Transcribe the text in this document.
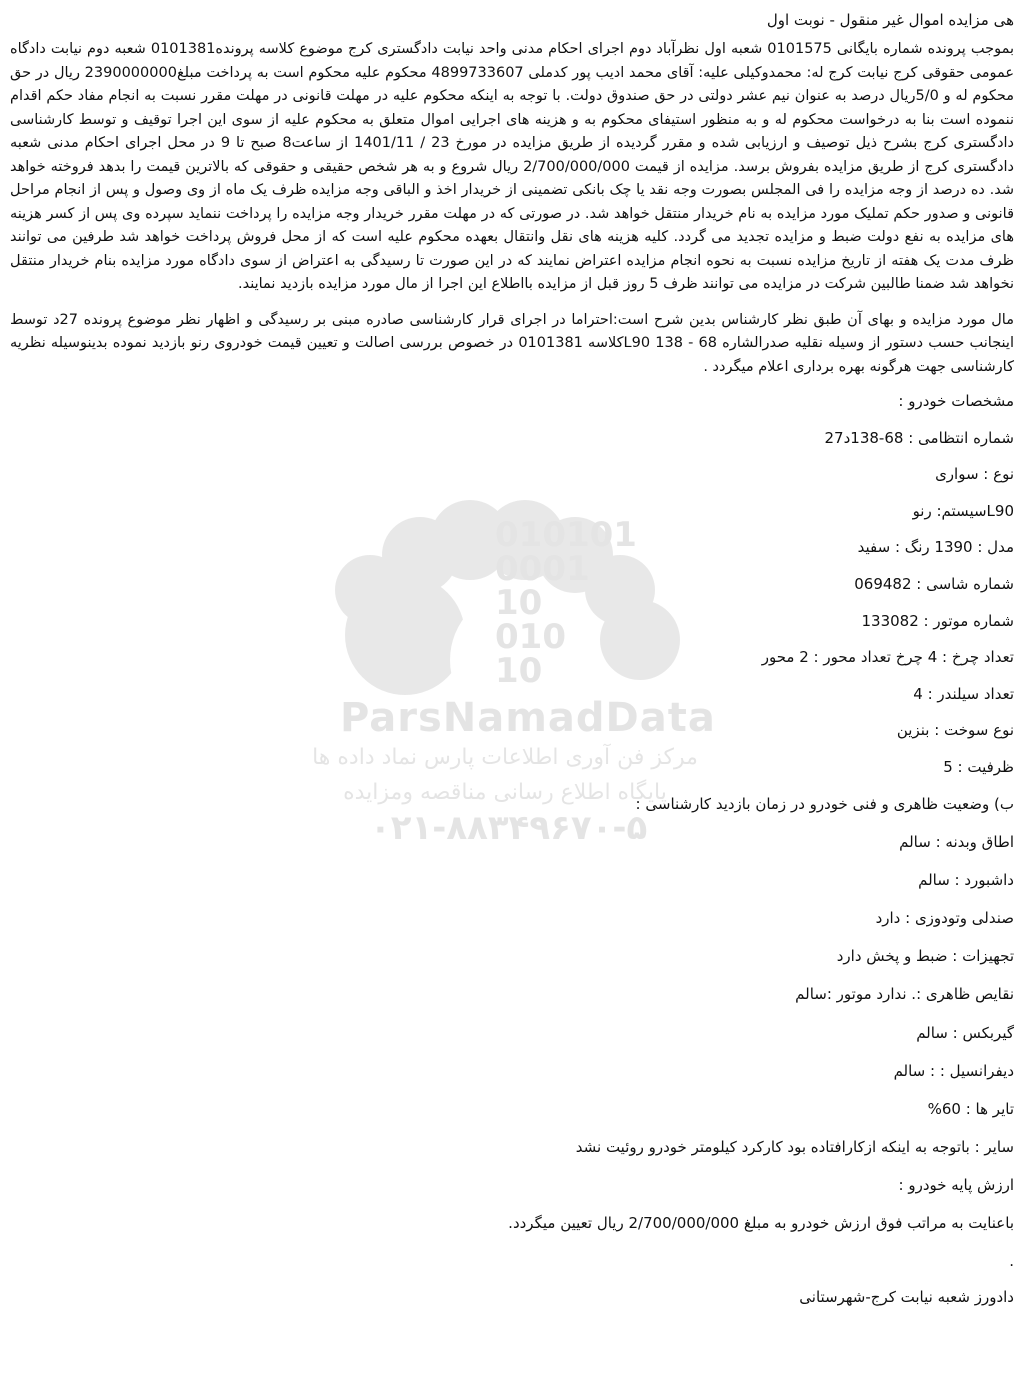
010101
0001
10
010
10
ParsNamadData
مرکز فن آوری اطلاعات پارس نماد داده ها
پایگاه اطلاع رسانی مناقصه ومزایده
۰۲۱-۸۸۳۴۹۶۷۰-۵
هی مزایده اموال غیر منقول - نوبت اول

بموجب پرونده شماره بایگانی 0101575 شعبه اول نظرآباد دوم اجرای احکام مدنی واحد نیابت دادگستری کرج موضوع کلاسه پرونده0101381 شعبه دوم نیابت دادگاه عمومی حقوقی کرج نیابت کرج له: محمدوکیلی علیه: آقای محمد ادیب پور کدملی 4899733607 محکوم علیه محکوم است به پرداخت مبلغ2390000000 ریال در حق محکوم له و 5/0ریال درصد به عنوان نیم عشر دولتی در حق صندوق دولت. با توجه به اینکه محکوم علیه در مهلت قانونی در مهلت مقرر نسبت به انجام مفاد حکم اقدام ننموده است بنا به درخواست محکوم له و به منظور استیفای محکوم به و هزینه های اجرایی اموال متعلق به محکوم علیه از سوی این اجرا توقیف و توسط کارشناسی دادگستری کرج بشرح ذیل توصیف و ارزیابی شده و مقرر گردیده از طریق مزایده در مورخ 23 / 1401/11 از ساعت8 صبح تا 9 در محل اجرای احکام مدنی شعبه دادگستری کرج از طریق مزایده بفروش برسد. مزایده از قیمت 2/700/000/000 ریال شروع و به هر شخص حقیقی و حقوقی که بالاترین قیمت را بدهد فروخته خواهد شد. ده درصد از وجه مزایده را فی المجلس بصورت وجه نقد یا چک بانکی تضمینی از خریدار اخذ و الباقی وجه مزایده ظرف یک ماه از وی وصول و پس از انجام مراحل قانونی و صدور حکم تملیک مورد مزایده به نام خریدار منتقل خواهد شد. در صورتی که در مهلت مقرر خریدار وجه مزایده را پرداخت ننماید سپرده وی پس از کسر هزینه های مزایده به نفع دولت ضبط و مزایده تجدید می گردد. کلیه هزینه های نقل وانتقال بعهده محکوم علیه است که از محل فروش پرداخت خواهد شد طرفین می توانند ظرف مدت یک هفته از تاریخ مزایده نسبت به نحوه انجام مزایده اعتراض نمایند که در این صورت تا رسیدگی به اعتراض از سوی دادگاه مورد مزایده بنام خریدار منتقل نخواهد شد ضمنا طالبین شرکت در مزایده می توانند ظرف 5 روز قبل از مزایده بااطلاع این اجرا از مال مورد مزایده بازدید نمایند.

مال مورد مزایده و بهای آن طبق نظر کارشناس بدین شرح است:احتراما در اجرای قرار کارشناسی صادره مبنی بر رسیدگی و اظهار نظر موضوع پرونده 27د توسط اینجانب حسب دستور از وسیله نقلیه صدرالشاره 68 - 138 L90کلاسه 0101381 در خصوص بررسی اصالت و تعیین قیمت خودروی رنو بازدید نموده بدینوسیله نظریه کارشناسی جهت هرگونه بهره برداری اعلام میگردد .

مشخصات خودرو :
شماره انتظامی : 68-138د27
نوع : سواری
L90سیستم: رنو
مدل : 1390 رنگ : سفید
شماره شاسی : 069482
شماره موتور : 133082
تعداد چرخ : 4 چرخ تعداد محور : 2 محور
تعداد سیلندر : 4
نوع سوخت : بنزین
ظرفیت : 5
ب) وضعیت ظاهری و فنی خودرو در زمان بازدید کارشناسی :
اطاق وبدنه : سالم
داشبورد : سالم
صندلی وتودوزی : دارد
تجهیزات : ضبط و پخش دارد
نقایص ظاهری :. ندارد موتور :سالم
گیربکس : سالم
دیفرانسیل : : سالم
تایر ها : 60%
سایر : باتوجه به اینکه ازکارافتاده بود کارکرد کیلومتر خودرو روئیت نشد
ارزش پایه خودرو :
باعنایت به مراتب فوق ارزش خودرو به مبلغ 2/700/000/000 ریال تعیین میگردد.
.
دادورز شعبه نیابت کرج-شهرستانی
